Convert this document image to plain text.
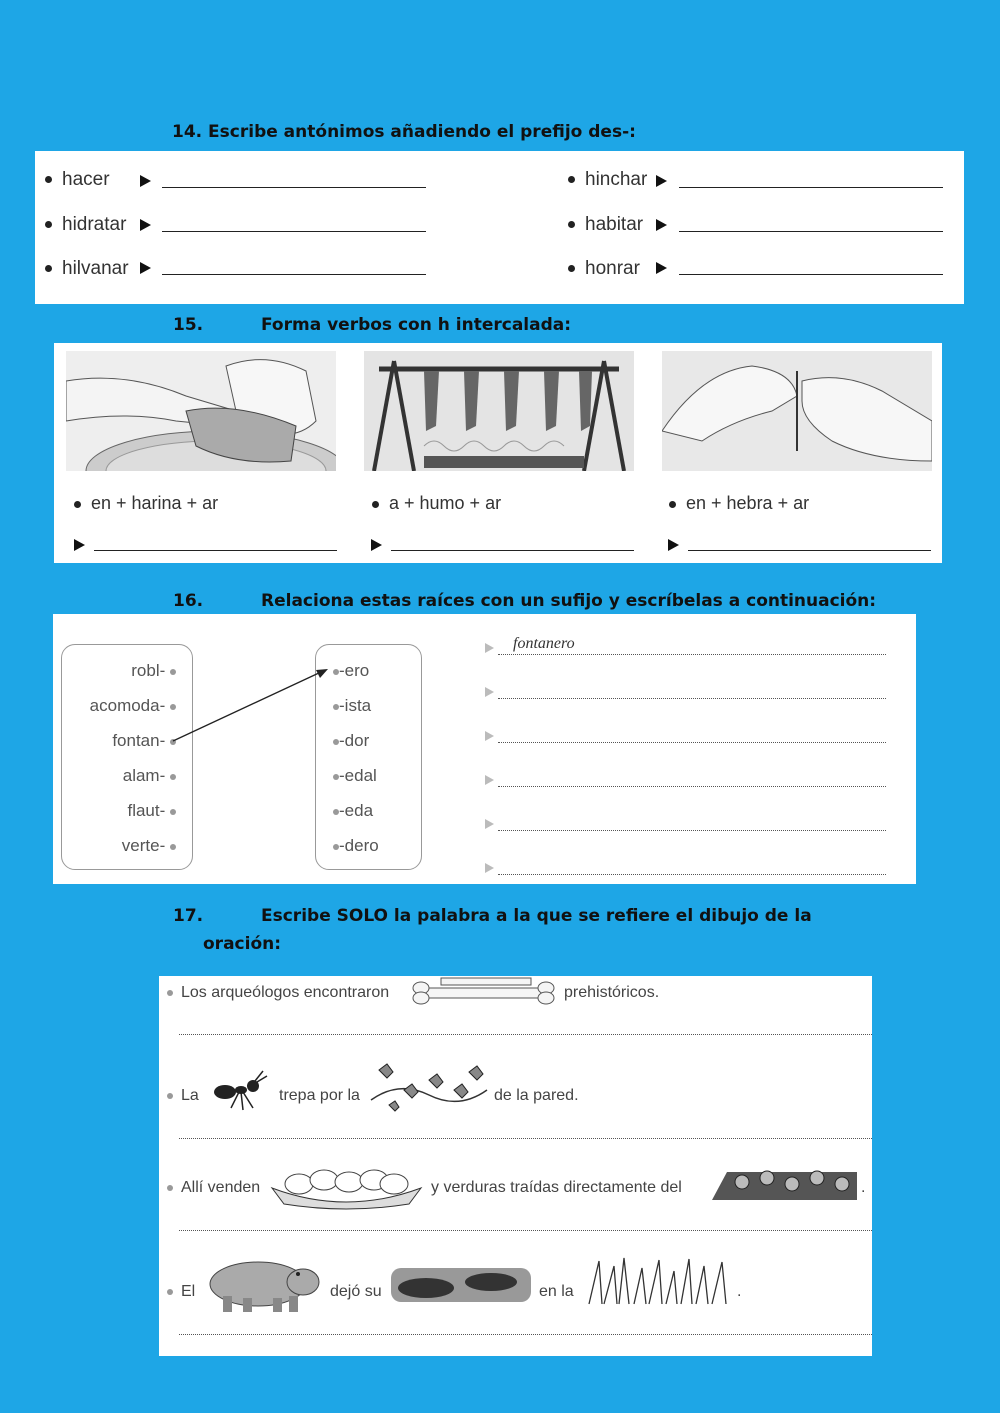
14. Escribe antónimos añadiendo el prefijo des-:
hacer
hidratar
hilvanar
hinchar
habitar
honrar
15.	Forma verbos con h intercalada:
en + harina + ar	a + humo + ar	en + hebra + ar
16.	Relaciona estas raíces con un sufijo y escríbelas a continuación:
robl-
acomoda-
fontan-
alam-
flaut-
verte-
-ero
-ista
-dor
-edal
-eda
-dero
fontanero
17.	Escribe SOLO la palabra a la que se refiere el dibujo de la
oración:
Los arqueólogos encontraron	prehistóricos.
La	trepa por la	de la pared.
Allí venden	y verduras traídas directamente del	.
El	dejó su	en la	.
